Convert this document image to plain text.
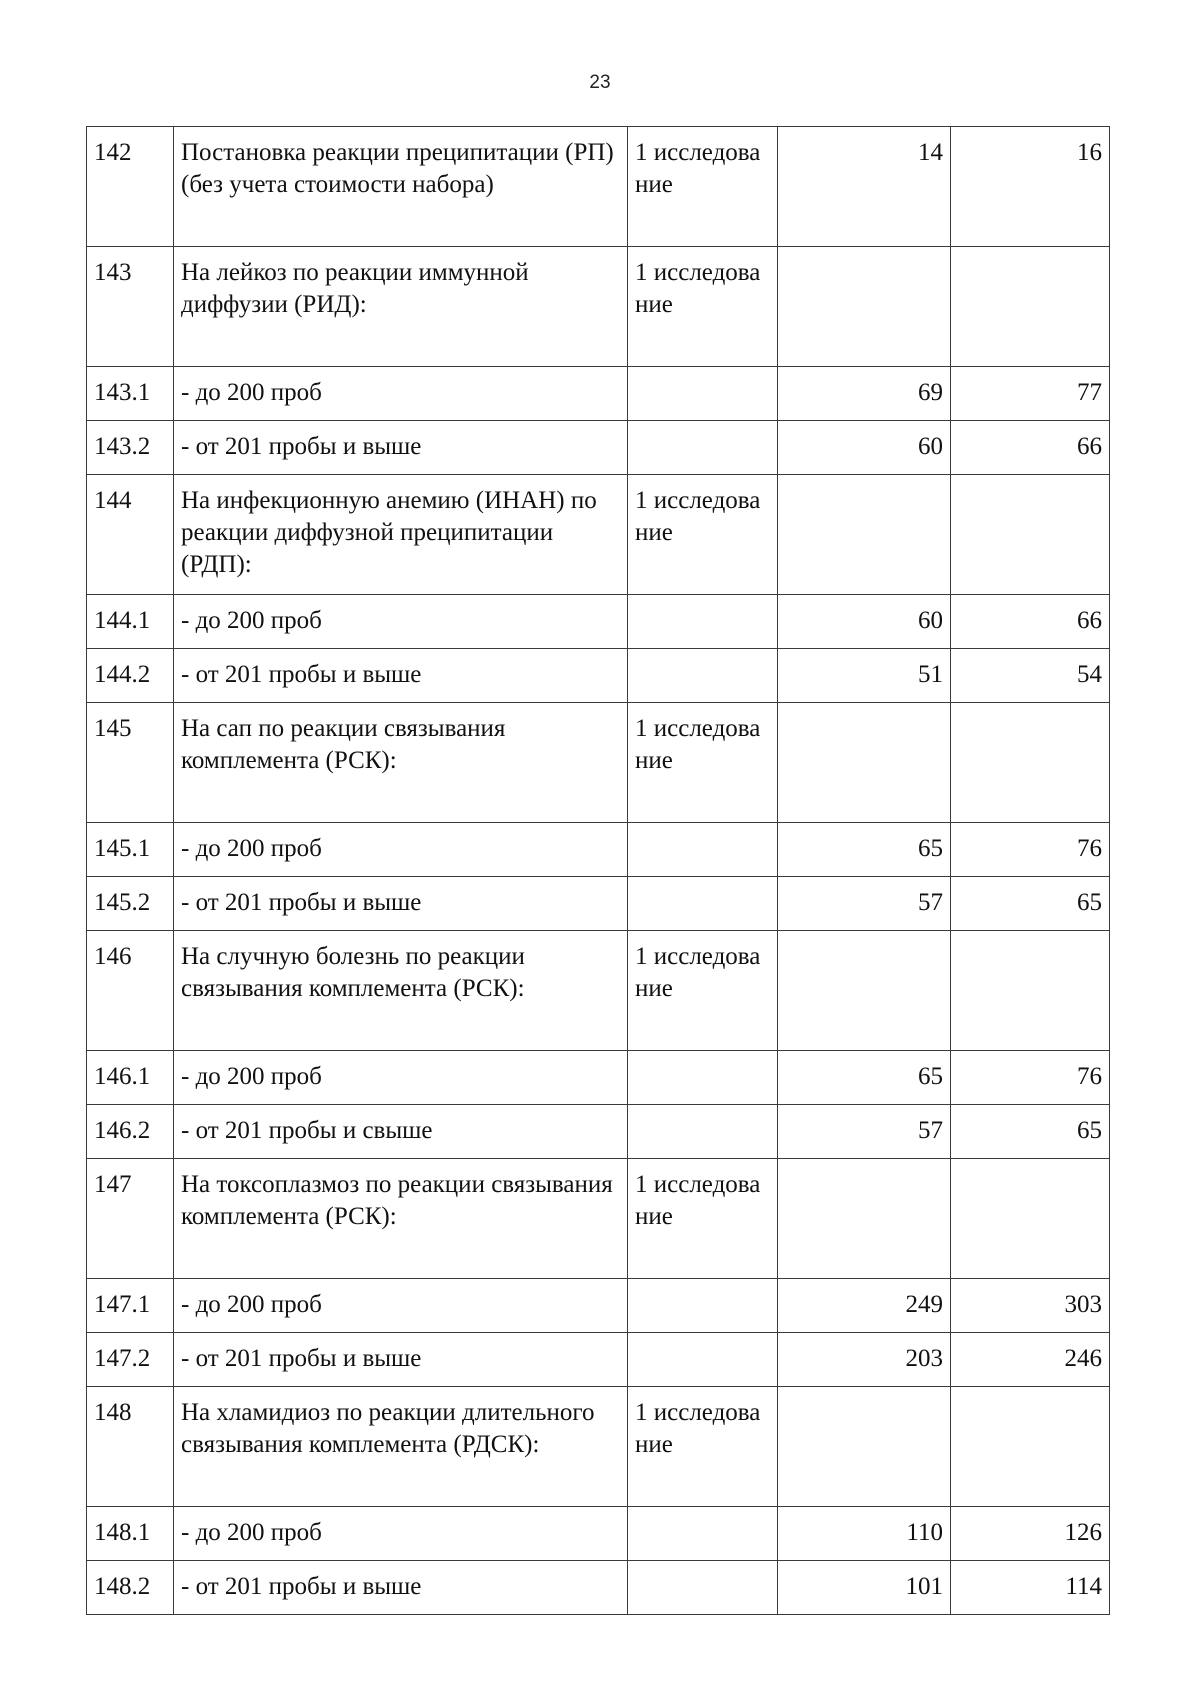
23
142	Постановка реакции преципитации (РП) (без учета стоимости набора)	1 исследование	14	16
143	На лейкоз по реакции иммунной диффузии (РИД):	1 исследование		
143.1	- до 200 проб		69	77
143.2	- от 201 пробы и выше		60	66
144	На инфекционную анемию (ИНАН) по реакции диффузной преципитации (РДП):	1 исследование		
144.1	- до 200 проб		60	66
144.2	- от 201 пробы и выше		51	54
145	На сап по реакции связывания комплемента (РСК):	1 исследование		
145.1	- до 200 проб		65	76
145.2	- от 201 пробы и выше		57	65
146	На случную болезнь по реакции связывания комплемента (РСК):	1 исследование		
146.1	- до 200 проб		65	76
146.2	- от 201 пробы и свыше		57	65
147	На токсоплазмоз по реакции связывания комплемента (РСК):	1 исследование		
147.1	- до 200 проб		249	303
147.2	- от 201 пробы и выше		203	246
148	На хламидиоз по реакции длительного связывания комплемента (РДСК):	1 исследование		
148.1	- до 200 проб		110	126
148.2	- от 201 пробы и выше		101	114
